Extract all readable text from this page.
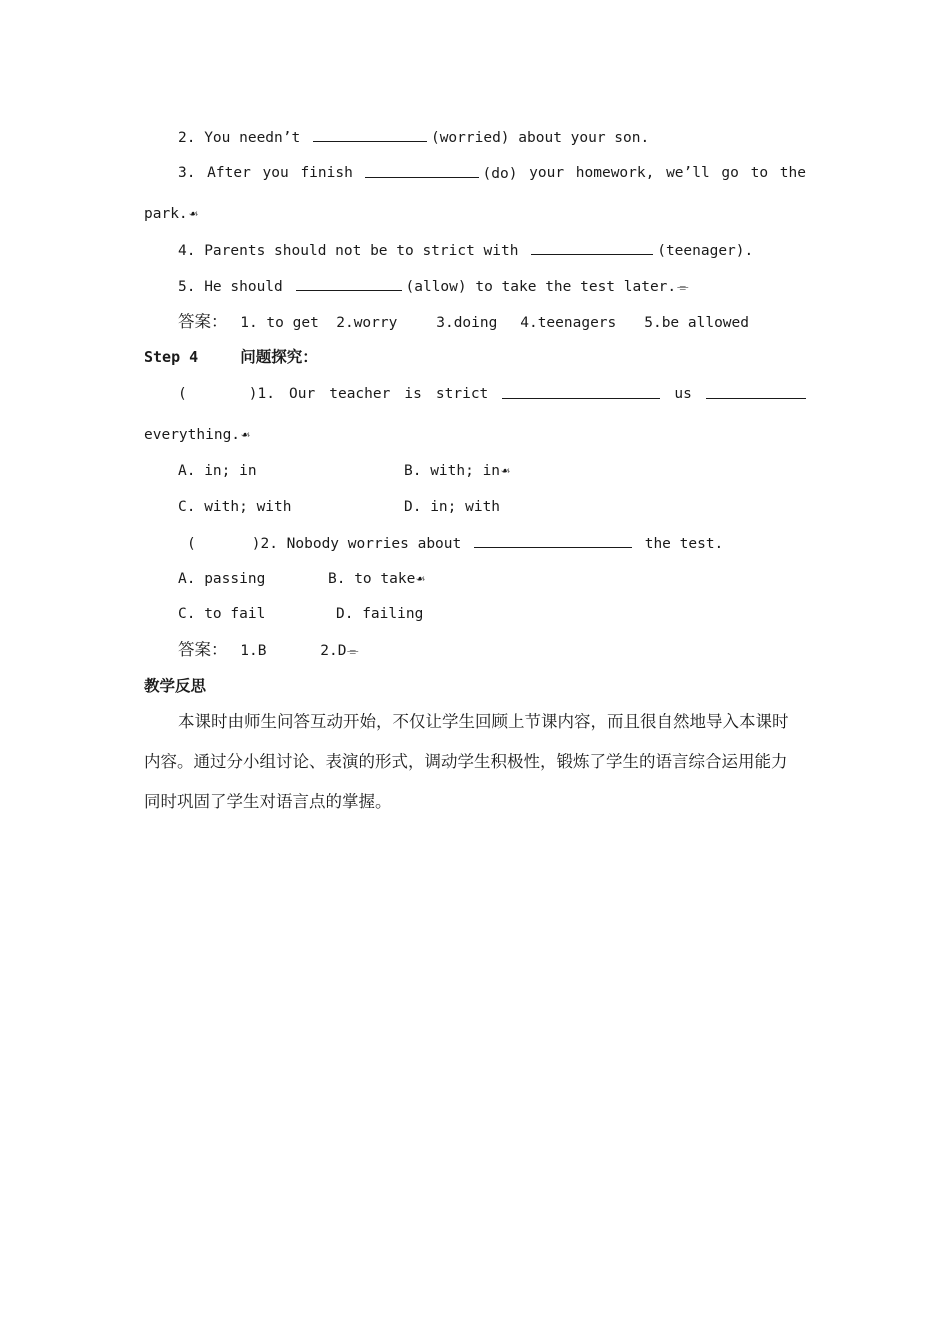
2. You needn’t	(worried) about your son.
3. After you finish	(do) your homework, we’ll go to the
park.☙
4. Parents should not be to strict with	(teenager).
5. He should	(allow) to take the test later.⌯
答案： 1. to get 2.worry	3.doing 4.teenagers 5.be allowed
Step 4	问题探究：
(	)1. Our teacher is strict	us
everything.☙
A. in; in	B. with; in☙
C. with; with	D. in; with
(	)2. Nobody worries about	the test.
A. passing	B. to take☙
C. to fail	D. failing
答案： 1.B	2.D⌯
教学反思
本课时由师生问答互动开始，不仅让学生回顾上节课内容，而且很自然地导入本课时
内容。通过分小组讨论、表演的形式，调动学生积极性，锻炼了学生的语言综合运用能力
同时巩固了学生对语言点的掌握。
